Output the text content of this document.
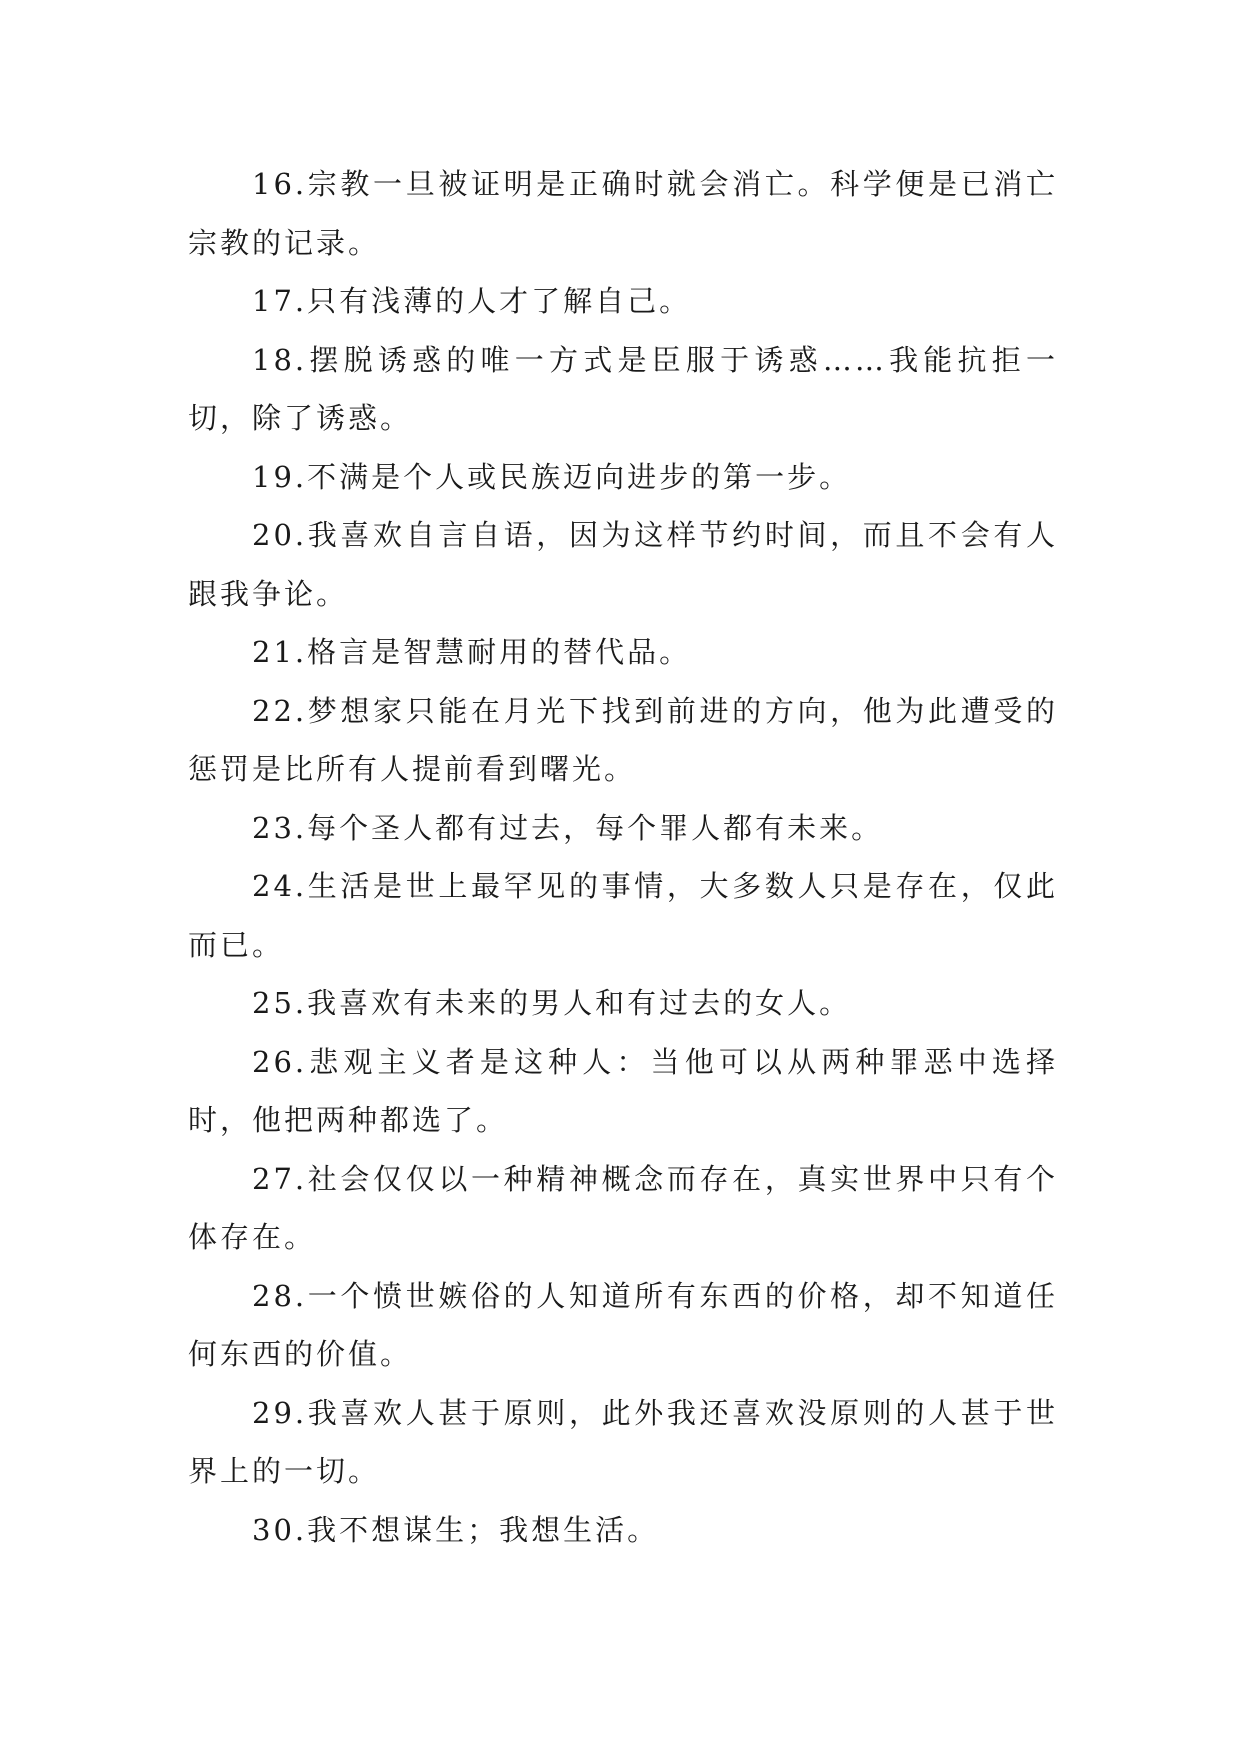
16.宗教一旦被证明是正确时就会消亡。科学便是已消亡宗教的记录。

17.只有浅薄的人才了解自己。

18.摆脱诱惑的唯一方式是臣服于诱惑……我能抗拒一切，除了诱惑。

19.不满是个人或民族迈向进步的第一步。

20.我喜欢自言自语，因为这样节约时间，而且不会有人跟我争论。

21.格言是智慧耐用的替代品。

22.梦想家只能在月光下找到前进的方向，他为此遭受的惩罚是比所有人提前看到曙光。

23.每个圣人都有过去，每个罪人都有未来。

24.生活是世上最罕见的事情，大多数人只是存在，仅此而已。

25.我喜欢有未来的男人和有过去的女人。

26.悲观主义者是这种人：当他可以从两种罪恶中选择时，他把两种都选了。

27.社会仅仅以一种精神概念而存在，真实世界中只有个体存在。

28.一个愤世嫉俗的人知道所有东西的价格，却不知道任何东西的价值。

29.我喜欢人甚于原则，此外我还喜欢没原则的人甚于世界上的一切。

30.我不想谋生；我想生活。
